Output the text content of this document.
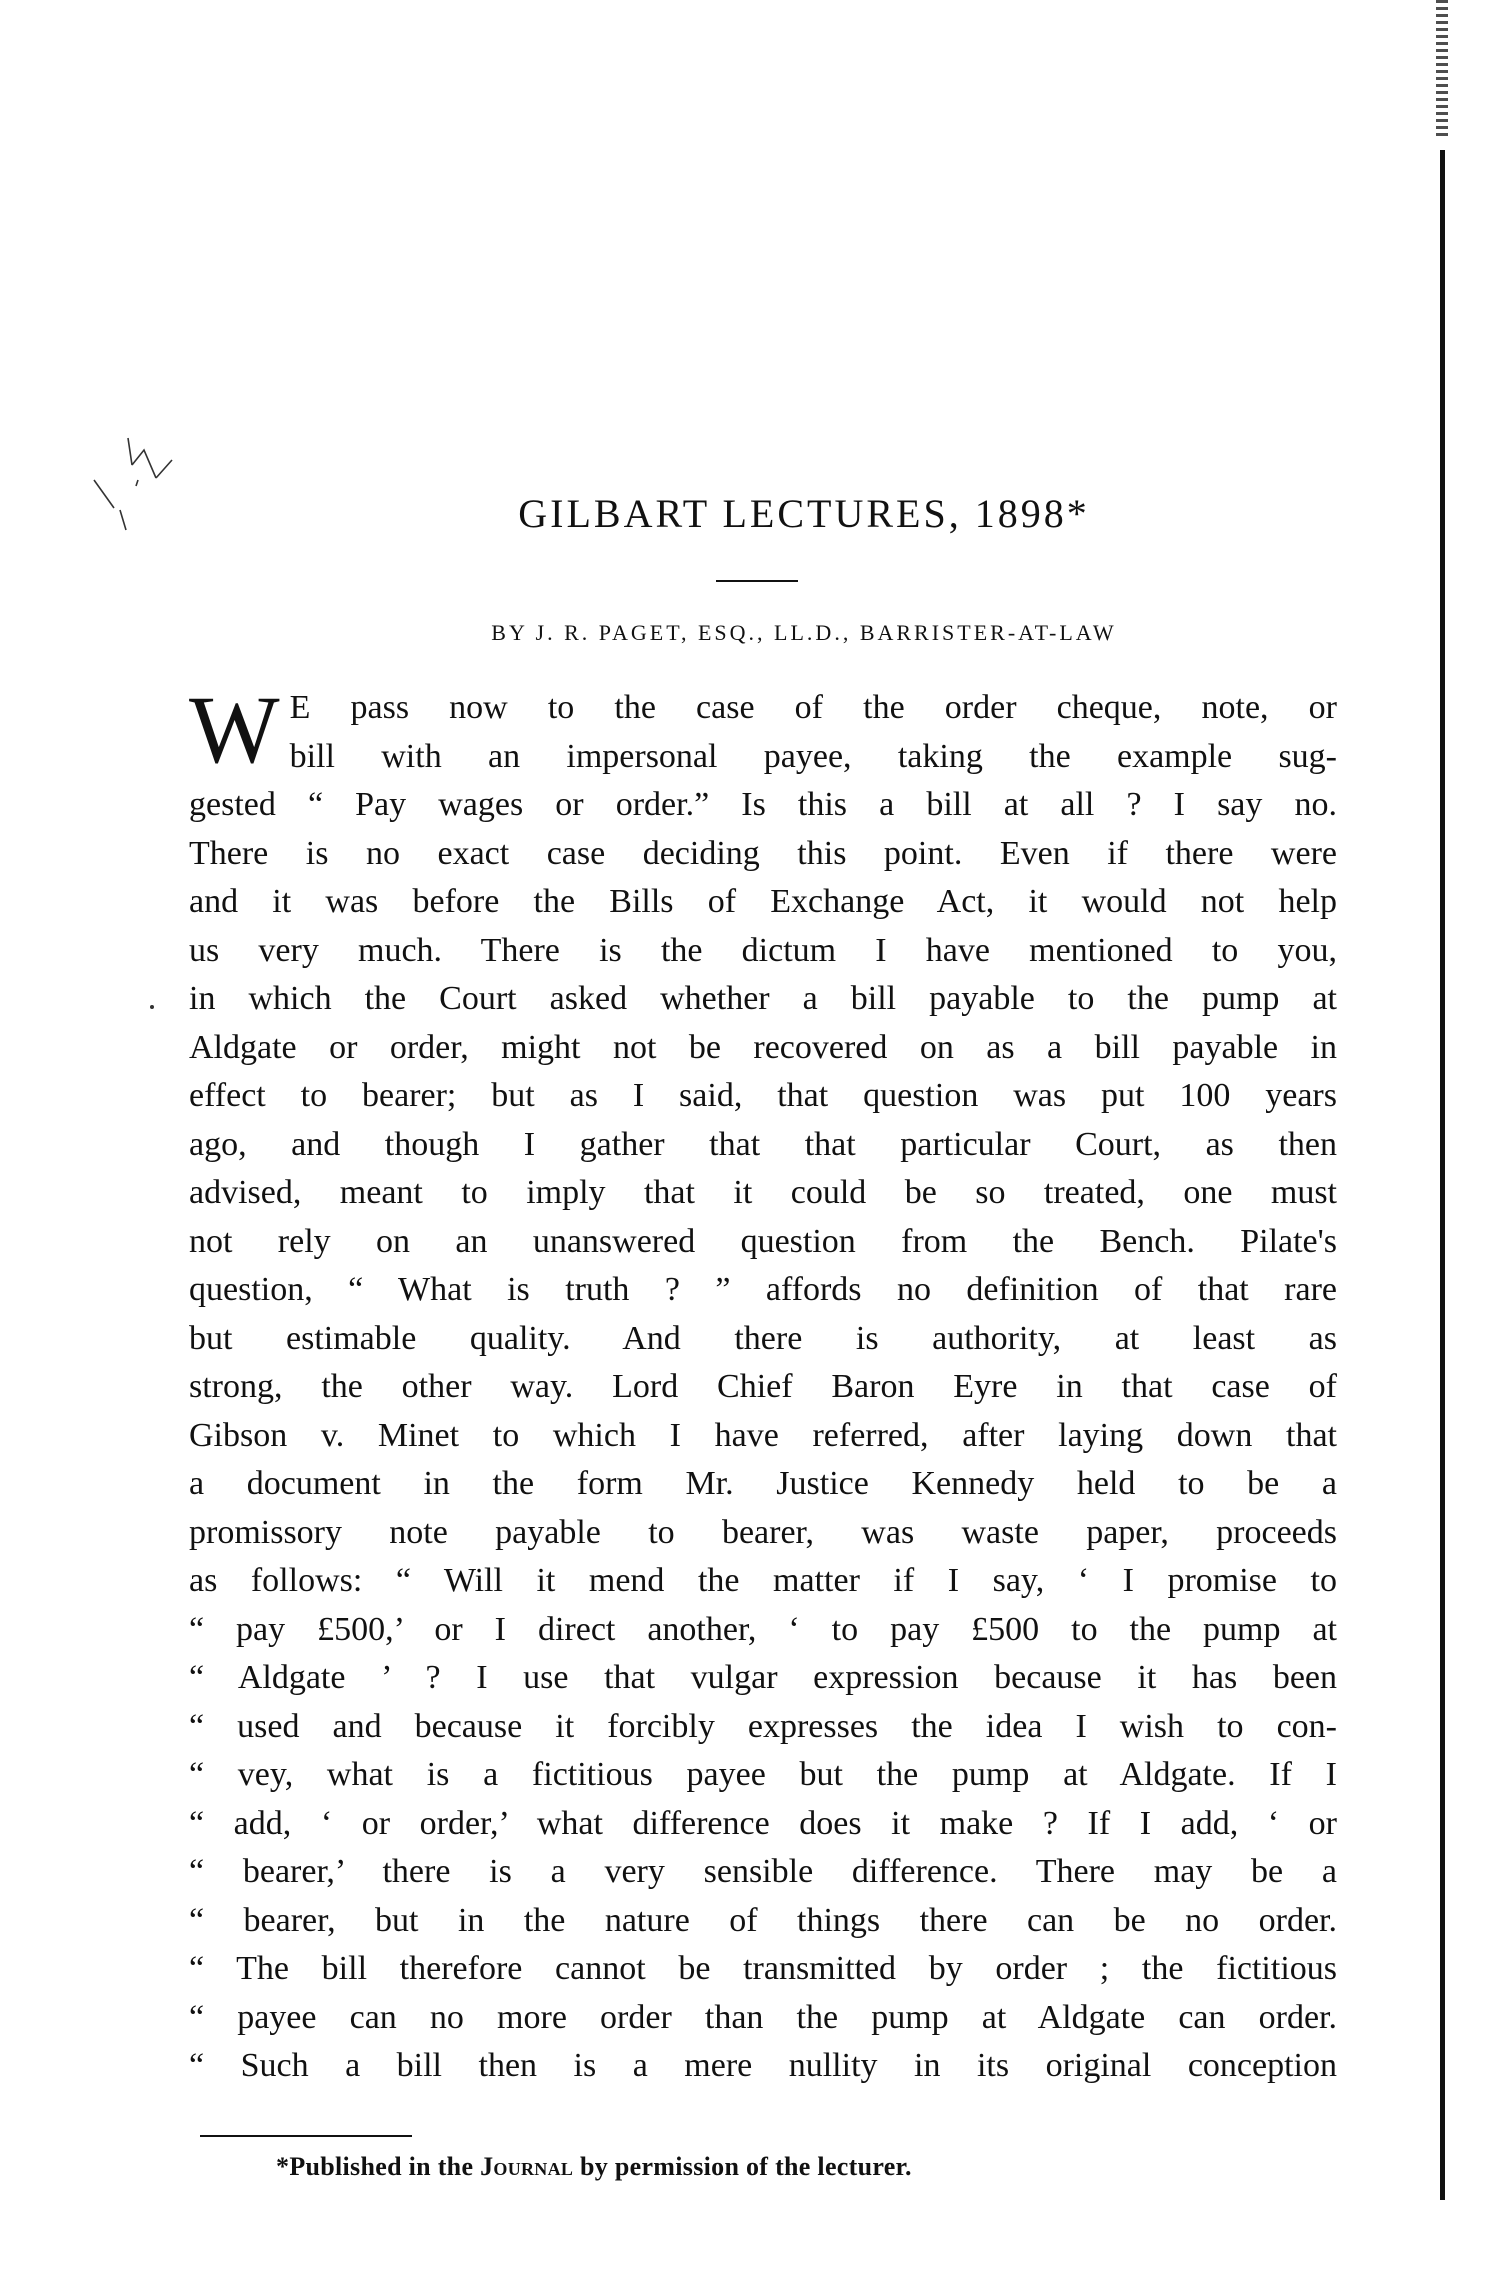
GILBART LECTURES, 1898*
BY J. R. PAGET, ESQ., LL.D., BARRISTER-AT-LAW
W E pass now to the case of the order cheque, note, or
bill with an impersonal payee, taking the example sug-
gested “ Pay wages or order.” Is this a bill at all ? I say no.
There is no exact case deciding this point. Even if there were
and it was before the Bills of Exchange Act, it would not help
us very much. There is the dictum I have mentioned to you,
in which the Court asked whether a bill payable to the pump at
Aldgate or order, might not be recovered on as a bill payable in
effect to bearer; but as I said, that question was put 100 years
ago, and though I gather that that particular Court, as then
advised, meant to imply that it could be so treated, one must
not rely on an unanswered question from the Bench. Pilate's
question, “ What is truth ? ” affords no definition of that rare
but estimable quality. And there is authority, at least as
strong, the other way. Lord Chief Baron Eyre in that case of
Gibson v. Minet to which I have referred, after laying down that
a document in the form Mr. Justice Kennedy held to be a
promissory note payable to bearer, was waste paper, proceeds
as follows: “ Will it mend the matter if I say, ‘ I promise to
“ pay £500,’ or I direct another, ‘ to pay £500 to the pump at
“ Aldgate ’ ? I use that vulgar expression because it has been
“ used and because it forcibly expresses the idea I wish to con-
“ vey, what is a fictitious payee but the pump at Aldgate. If I
“ add, ‘ or order,’ what difference does it make ? If I add, ‘ or
“ bearer,’ there is a very sensible difference. There may be a
“ bearer, but in the nature of things there can be no order.
“ The bill therefore cannot be transmitted by order ; the fictitious
“ payee can no more order than the pump at Aldgate can order.
“ Such a bill then is a mere nullity in its original conception
*Published in the Journal by permission of the lecturer.
